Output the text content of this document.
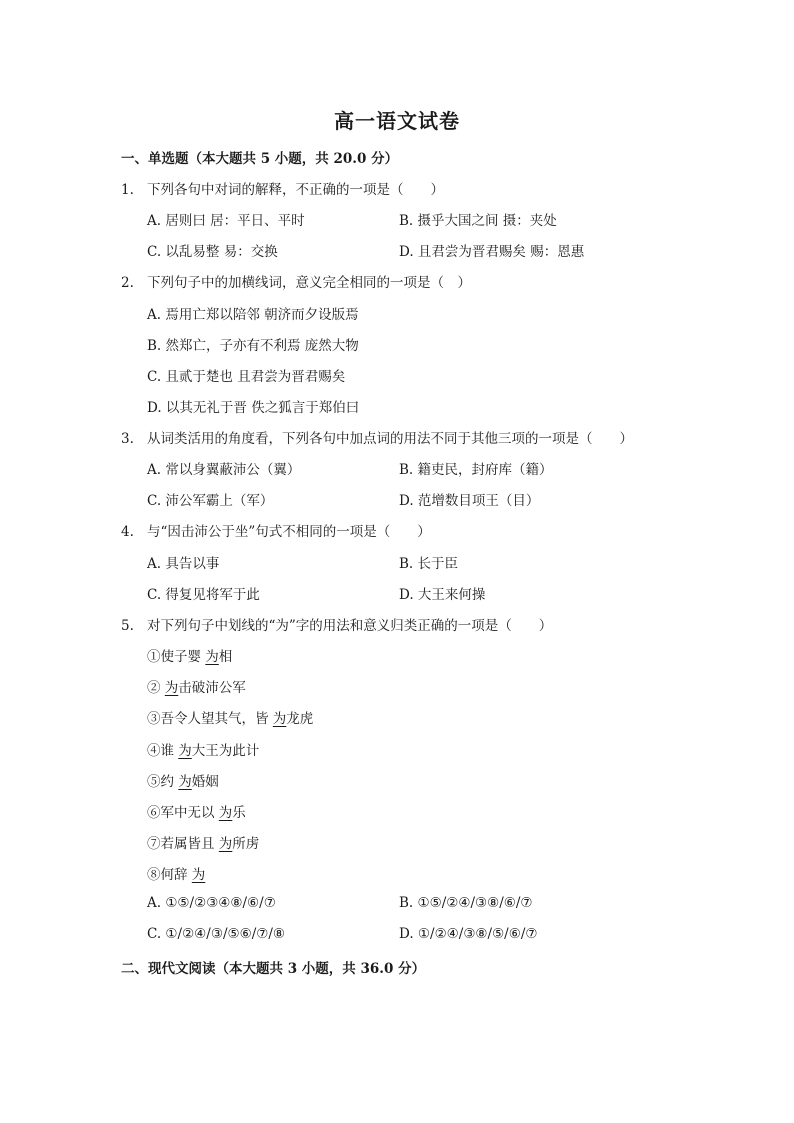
高一语文试卷
一、单选题（本大题共 5 小题，共 20.0 分）
1. 下列各句中对词的解释，不正确的一项是（　　）
A. 居则曰 居：平日、平时	B. 摄乎大国之间 摄：夹处
C. 以乱易整 易：交换	D. 且君尝为晋君赐矣 赐：恩惠
2. 下列句子中的加横线词，意义完全相同的一项是（　）
A. 焉用亡郑以陪邻 朝济而夕设版焉
B. 然郑亡，子亦有不利焉 庞然大物
C. 且贰于楚也 且君尝为晋君赐矣
D. 以其无礼于晋 佚之狐言于郑伯曰
3. 从词类活用的角度看，下列各句中加点词的用法不同于其他三项的一项是（　　）
A. 常以身翼蔽沛公（翼）	B. 籍吏民，封府库（籍）
C. 沛公军霸上（军）	D. 范增数目项王（目）
4. 与“因击沛公于坐”句式不相同的一项是（　　）
A. 具告以事	B. 长于臣
C. 得复见将军于此	D. 大王来何操
5. 对下列句子中划线的“为”字的用法和意义归类正确的一项是（　　）
①使子婴 为相
② 为击破沛公军
③吾令人望其气，皆 为龙虎
④谁 为大王为此计
⑤约 为婚姻
⑥军中无以 为乐
⑦若属皆且 为所虏
⑧何辞 为
A. ①⑤/②③④⑧/⑥/⑦	B. ①⑤/②④/③⑧/⑥/⑦
C. ①/②④/③/⑤⑥/⑦/⑧	D. ①/②④/③⑧/⑤/⑥/⑦
二、现代文阅读（本大题共 3 小题，共 36.0 分）
